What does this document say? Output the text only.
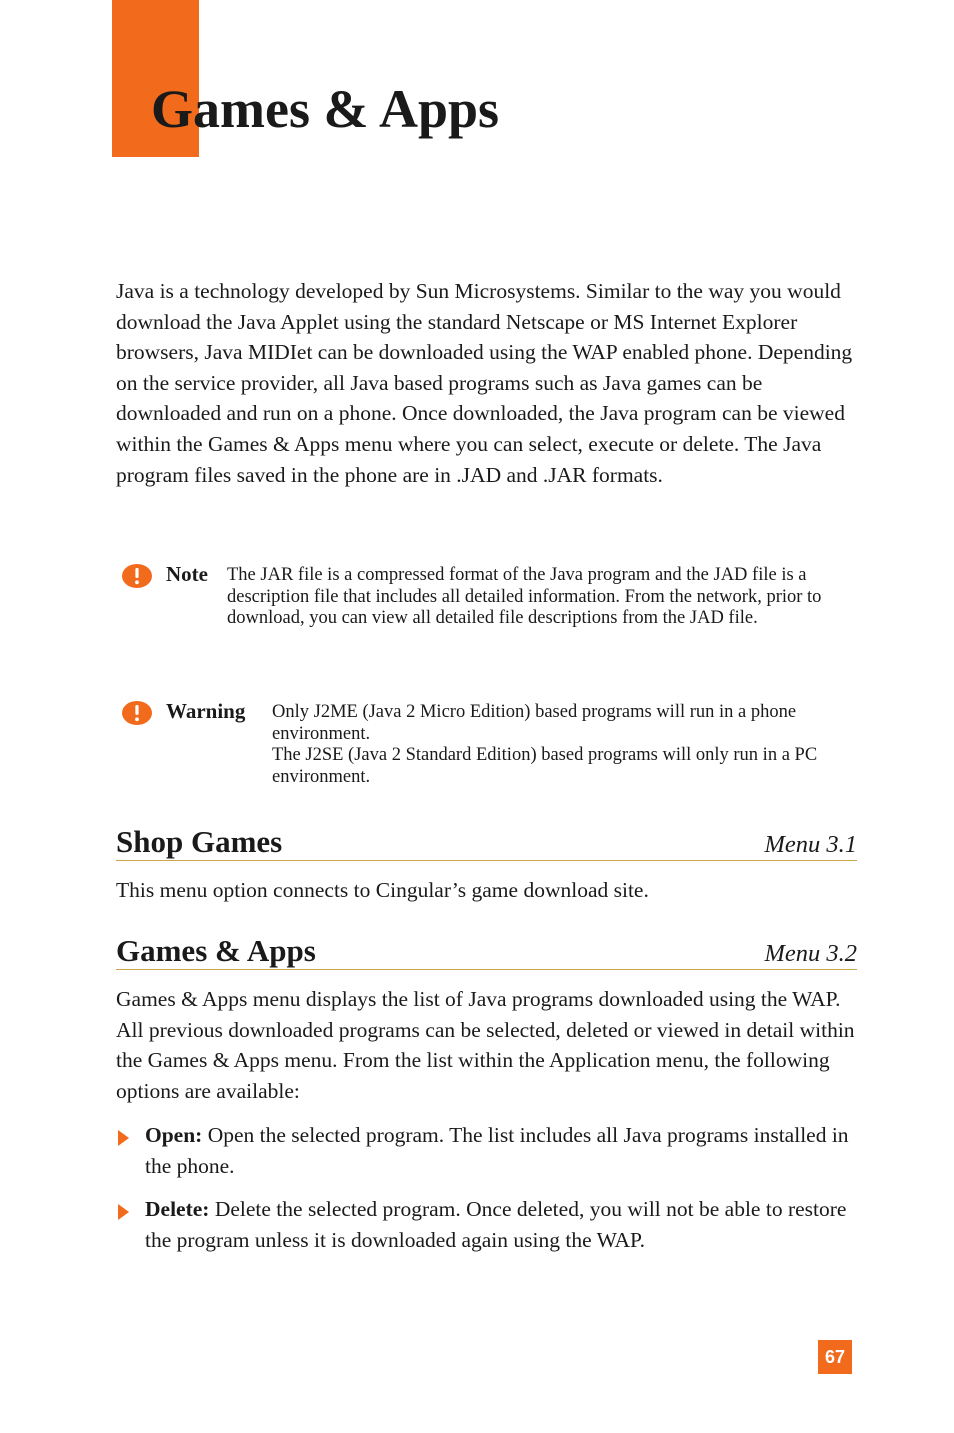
Games & Apps

Java is a technology developed by Sun Microsystems. Similar to the way you would download the Java Applet using the standard Netscape or MS Internet Explorer browsers, Java MIDIet can be downloaded using the WAP enabled phone. Depending on the service provider, all Java based programs such as Java games can be downloaded and run on a phone. Once downloaded, the Java program can be viewed within the Games & Apps menu where you can select, execute or delete. The Java program files saved in the phone are in .JAD and .JAR formats.

Note The JAR file is a compressed format of the Java program and the JAD file is a description file that includes all detailed information. From the network, prior to download, you can view all detailed file descriptions from the JAD file.
Warning Only J2ME (Java 2 Micro Edition) based programs will run in a phone environment.
The J2SE (Java 2 Standard Edition) based programs will only run in a PC environment.
Shop Games	Menu 3.1

This menu option connects to Cingular’s game download site.

Games & Apps	Menu 3.2

Games & Apps menu displays the list of Java programs downloaded using the WAP. All previous downloaded programs can be selected, deleted or viewed in detail within the Games & Apps menu. From the list within the Application menu, the following options are available:

Open: Open the selected program. The list includes all Java programs installed in the phone.

Delete: Delete the selected program. Once deleted, you will not be able to restore the program unless it is downloaded again using the WAP.

67
